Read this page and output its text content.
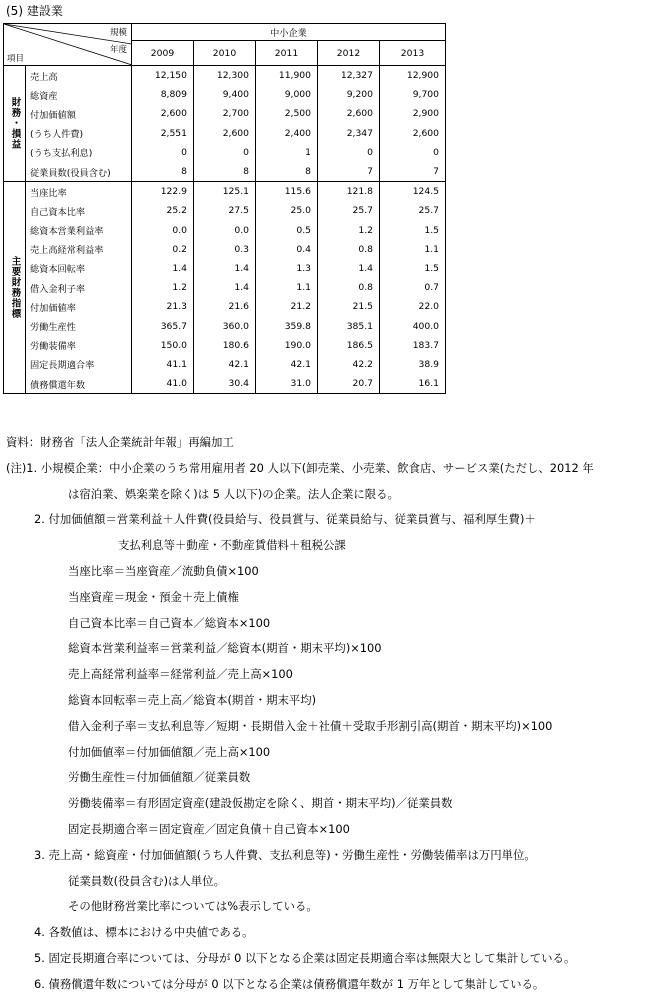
(5) 建設業
規模
年度
項目		中小企業				
		2009	2010	2011	2012	2013

財務・損益	売上高	12,150	12,300	11,900	12,327	12,900
	総資産	8,809	9,400	9,000	9,200	9,700
	付加価値額	2,600	2,700	2,500	2,600	2,900
	(うち人件費)	2,551	2,600	2,400	2,347	2,600
	(うち支払利息)	0	0	1	0	0
	従業員数(役員含む)	8	8	8	7	7

主要財務指標	当座比率	122.9	125.1	115.6	121.8	124.5
	自己資本比率	25.2	27.5	25.0	25.7	25.7
	総資本営業利益率	0.0	0.0	0.5	1.2	1.5
	売上高経常利益率	0.2	0.3	0.4	0.8	1.1
	総資本回転率	1.4	1.4	1.3	1.4	1.5
	借入金利子率	1.2	1.4	1.1	0.8	0.7
	付加価値率	21.3	21.6	21.2	21.5	22.0
	労働生産性	365.7	360.0	359.8	385.1	400.0
	労働装備率	150.0	180.6	190.0	186.5	183.7
	固定長期適合率	41.1	42.1	42.1	42.2	38.9
	債務償還年数	41.0	30.4	31.0	20.7	16.1
資料：財務省「法人企業統計年報」再編加工
(注)1. 小規模企業：中小企業のうち常用雇用者 20 人以下(卸売業、小売業、飲食店、サービス業(ただし、2012 年
は宿泊業、娯楽業を除く)は 5 人以下)の企業。法人企業に限る。
2. 付加価値額＝営業利益＋人件費(役員給与、役員賞与、従業員給与、従業員賞与、福利厚生費)＋
支払利息等＋動産・不動産賃借料＋租税公課
当座比率＝当座資産／流動負債×100
当座資産＝現金・預金＋売上債権
自己資本比率＝自己資本／総資本×100
総資本営業利益率＝営業利益／総資本(期首・期末平均)×100
売上高経常利益率＝経常利益／売上高×100
総資本回転率＝売上高／総資本(期首・期末平均)
借入金利子率＝支払利息等／短期・長期借入金＋社債＋受取手形割引高(期首・期末平均)×100
付加価値率＝付加価値額／売上高×100
労働生産性＝付加価値額／従業員数
労働装備率＝有形固定資産(建設仮勘定を除く、期首・期末平均)／従業員数
固定長期適合率＝固定資産／固定負債＋自己資本×100
3. 売上高・総資産・付加価値額(うち人件費、支払利息等)・労働生産性・労働装備率は万円単位。
従業員数(役員含む)は人単位。
その他財務営業比率については%表示している。
4. 各数値は、標本における中央値である。
5. 固定長期適合率については、分母が 0 以下となる企業は固定長期適合率は無限大として集計している。
6. 債務償還年数については分母が 0 以下となる企業は債務償還年数が 1 万年として集計している。
